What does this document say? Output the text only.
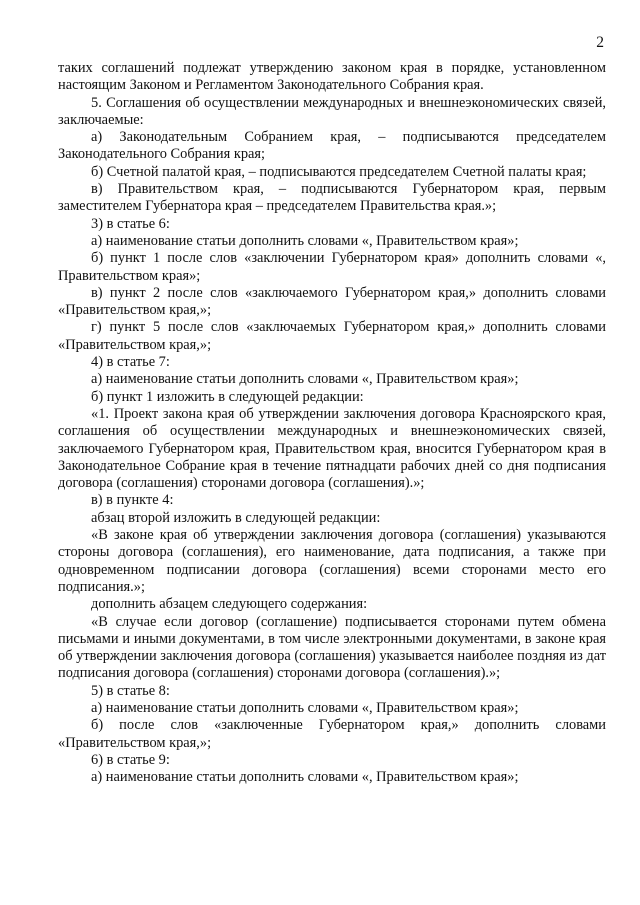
2

таких соглашений подлежат утверждению законом края в порядке, установленном настоящим Законом и Регламентом Законодательного Собрания края.

5. Соглашения об осуществлении международных и внешнеэкономических связей, заключаемые:

а) Законодательным Собранием края, – подписываются председателем Законодательного Собрания края;

б) Счетной палатой края, – подписываются председателем Счетной палаты края;

в) Правительством края, – подписываются Губернатором края, первым заместителем Губернатора края – председателем Правительства края.»;

3) в статье 6:

а) наименование статьи дополнить словами «, Правительством края»;

б) пункт 1 после слов «заключении Губернатором края» дополнить словами «, Правительством края»;

в) пункт 2 после слов «заключаемого Губернатором края,» дополнить словами «Правительством края,»;

г) пункт 5 после слов «заключаемых Губернатором края,» дополнить словами «Правительством края,»;

4) в статье 7:

а) наименование статьи дополнить словами «, Правительством края»;

б) пункт 1 изложить в следующей редакции:

«1. Проект закона края об утверждении заключения договора Красноярского края, соглашения об осуществлении международных и внешнеэкономических связей, заключаемого Губернатором края, Правительством края, вносится Губернатором края в Законодательное Собрание края в течение пятнадцати рабочих дней со дня подписания договора (соглашения) сторонами договора (соглашения).»;

в) в пункте 4:

абзац второй изложить в следующей редакции:

«В законе края об утверждении заключения договора (соглашения) указываются стороны договора (соглашения), его наименование, дата подписания, а также при одновременном подписании договора (соглашения) всеми сторонами место его подписания.»;

дополнить абзацем следующего содержания:

«В случае если договор (соглашение) подписывается сторонами путем обмена письмами и иными документами, в том числе электронными документами, в законе края об утверждении заключения договора (соглашения) указывается наиболее поздняя из дат подписания договора (соглашения) сторонами договора (соглашения).»;

5) в статье 8:

а) наименование статьи дополнить словами «, Правительством края»;

б) после слов «заключенные Губернатором края,» дополнить словами «Правительством края,»;

6) в статье 9:

а) наименование статьи дополнить словами «, Правительством края»;
